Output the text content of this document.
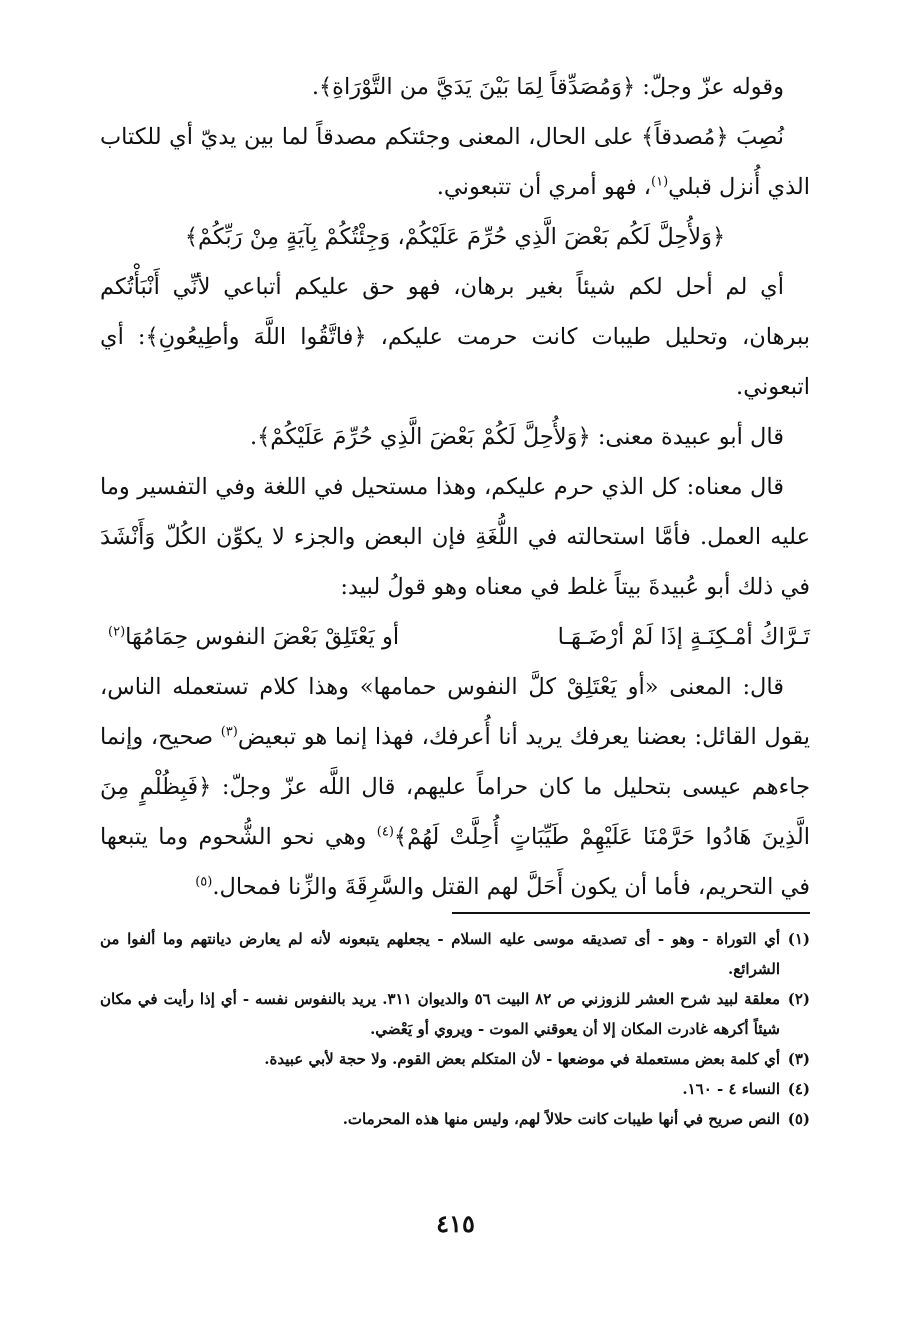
وقوله عزّ وجلّ: ﴿وَمُصَدِّقاً لِمَا بَيْنَ يَدَيَّ من التَّوْرَاةِ﴾.

نُصِبَ ﴿مُصدقاً﴾ على الحال، المعنى وجئتكم مصدقاً لما بين يديّ أي للكتاب الذي أُنزل قبلي$^{(١)}$، فهو أمري أن تتبعوني.

﴿وَلأُحِلَّ لَكُم بَعْضَ الَّذِي حُرِّمَ عَلَيْكُمْ، وَجِئْتُكُمْ بِآيَةٍ مِنْ رَبِّكُمْ﴾

أي لم أحل لكم شيئاً بغير برهان، فهو حق عليكم أتباعي لأنِّي أَنْبَأْتُكم ببرهان، وتحليل طيبات كانت حرمت عليكم، ﴿فاتَّقُوا اللَّهَ وأطِيعُونِ﴾: أي اتبعوني.

قال أبو عبيدة معنى: ﴿وَلأُحِلَّ لَكُمْ بَعْضَ الَّذِي حُرِّمَ عَلَيْكُمْ﴾.

قال معناه: كل الذي حرم عليكم، وهذا مستحيل في اللغة وفي التفسير وما عليه العمل. فأمَّا استحالته في اللُّغَةِ فإن البعض والجزء لا يكوِّن الكُلّ وَأَنْشَدَ في ذلك أبو عُبيدةَ بيتاً غلط في معناه وهو قولُ لبيد:

تَـرَّاكُ أمْـكِنَـةٍ إذَا لَمْ أرْضَـهَـا
أو يَعْتَلِقْ بَعْضَ النفوس حِمَامُهَا$^{(٢)}$

قال: المعنى «أو يَعْتَلِقْ كلَّ النفوس حمامها» وهذا كلام تستعمله الناس، يقول القائل: بعضنا يعرفك يريد أنا أُعرفك، فهذا إنما هو تبعيض$^{(٣)}$ صحيح، وإنما جاءهم عيسى بتحليل ما كان حراماً عليهم، قال اللَّه عزّ وجلّ: ﴿فَبِظُلْمٍ مِنَ الَّذِينَ هَادُوا حَرَّمْنَا عَلَيْهِمْ طَيِّبَاتٍ أُحِلَّتْ لَهُمْ﴾$^{(٤)}$ وهي نحو الشُّحوم وما يتبعها في التحريم، فأما أن يكون أَحَلَّ لهم القتل والسَّرِقَةَ والزِّنا فمحال.$^{(٥)}$

(١)
أي التوراة - وهو - أى تصديقه موسى عليه السلام - يجعلهم يتبعونه لأنه لم يعارض ديانتهم وما ألفوا من الشرائع.

(٢)
معلقة لبيد شرح العشر للزوزني ص ٨٢ البيت ٥٦ والديوان ٣١١. يريد بالنفوس نفسه - أي إذا رأيت في مكان شيئاً أكرهه غادرت المكان إلا أن يعوقني الموت - ويروي أو يَعْضي.

(٣)
أي كلمة بعض مستعملة في موضعها - لأن المتكلم بعض القوم. ولا حجة لأبي عبيدة.

(٤)
النساء ٤ - ١٦٠.

(٥)
النص صريح في أنها طيبات كانت حلالاً لهم، وليس منها هذه المحرمات.

٤١٥
